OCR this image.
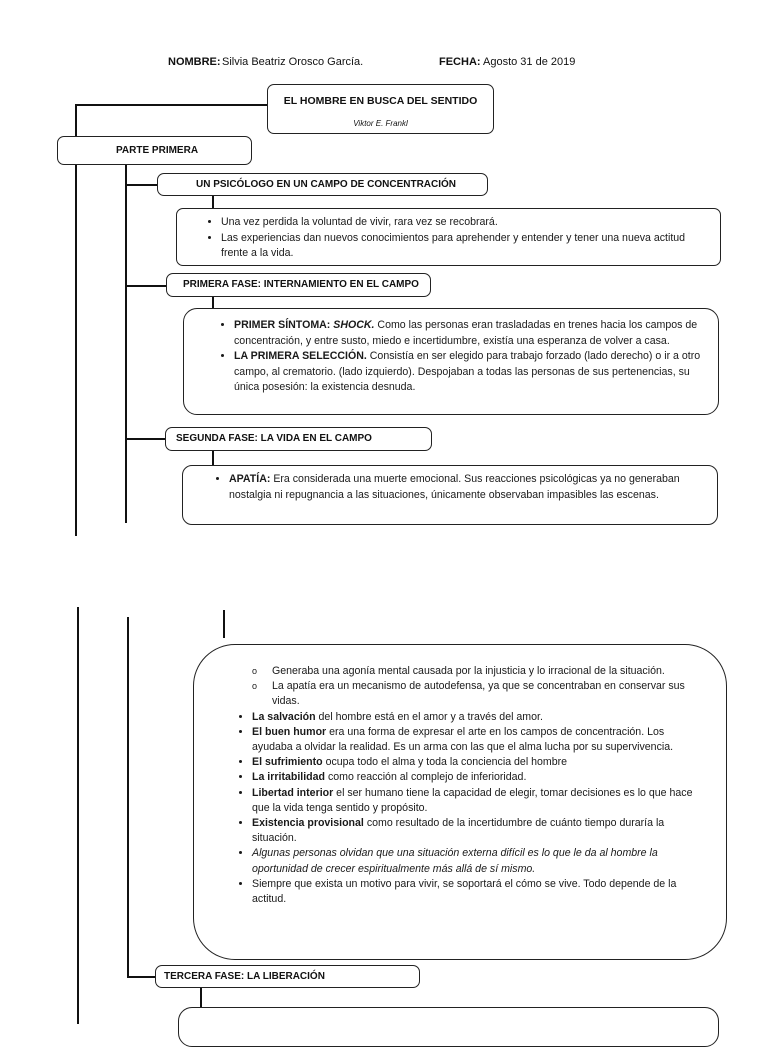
NOMBRE: Silvia Beatriz Orosco García.	FECHA: Agosto 31 de 2019
EL HOMBRE EN BUSCA DEL SENTIDO
Viktor E. Frankl
PARTE PRIMERA
UN PSICÓLOGO EN UN CAMPO DE CONCENTRACIÓN
• Una vez perdida la voluntad de vivir, rara vez se recobrará.
• Las experiencias dan nuevos conocimientos para aprehender y entender y tener una nueva actitud frente a la vida.
PRIMERA FASE: INTERNAMIENTO EN EL CAMPO
• PRIMER SÍNTOMA: SHOCK. Como las personas eran trasladadas en trenes hacia los campos de concentración, y entre susto, miedo e incertidumbre, existía una esperanza de volver a casa.
• LA PRIMERA SELECCIÓN. Consistía en ser elegido para trabajo forzado (lado derecho) o ir a otro campo, al crematorio. (lado izquierdo). Despojaban a todas las personas de sus pertenencias, su única posesión: la existencia desnuda.
SEGUNDA FASE: LA VIDA EN EL CAMPO
• APATÍA: Era considerada una muerte emocional. Sus reacciones psicológicas ya no generaban nostalgia ni repugnancia a las situaciones, únicamente observaban impasibles las escenas.
o Generaba una agonía mental causada por la injusticia y lo irracional de la situación.
o La apatía era un mecanismo de autodefensa, ya que se concentraban en conservar sus vidas.
• La salvación del hombre está en el amor y a través del amor.
• El buen humor era una forma de expresar el arte en los campos de concentración. Los ayudaba a olvidar la realidad. Es un arma con las que el alma lucha por su supervivencia.
• El sufrimiento ocupa todo el alma y toda la conciencia del hombre
• La irritabilidad como reacción al complejo de inferioridad.
• Libertad interior el ser humano tiene la capacidad de elegir, tomar decisiones es lo que hace que la vida tenga sentido y propósito.
• Existencia provisional como resultado de la incertidumbre de cuánto tiempo duraría la situación.
• Algunas personas olvidan que una situación externa difícil es lo que le da al hombre la oportunidad de crecer espiritualmente más allá de sí mismo.
• Siempre que exista un motivo para vivir, se soportará el cómo se vive. Todo depende de la actitud.
TERCERA FASE: LA LIBERACIÓN
